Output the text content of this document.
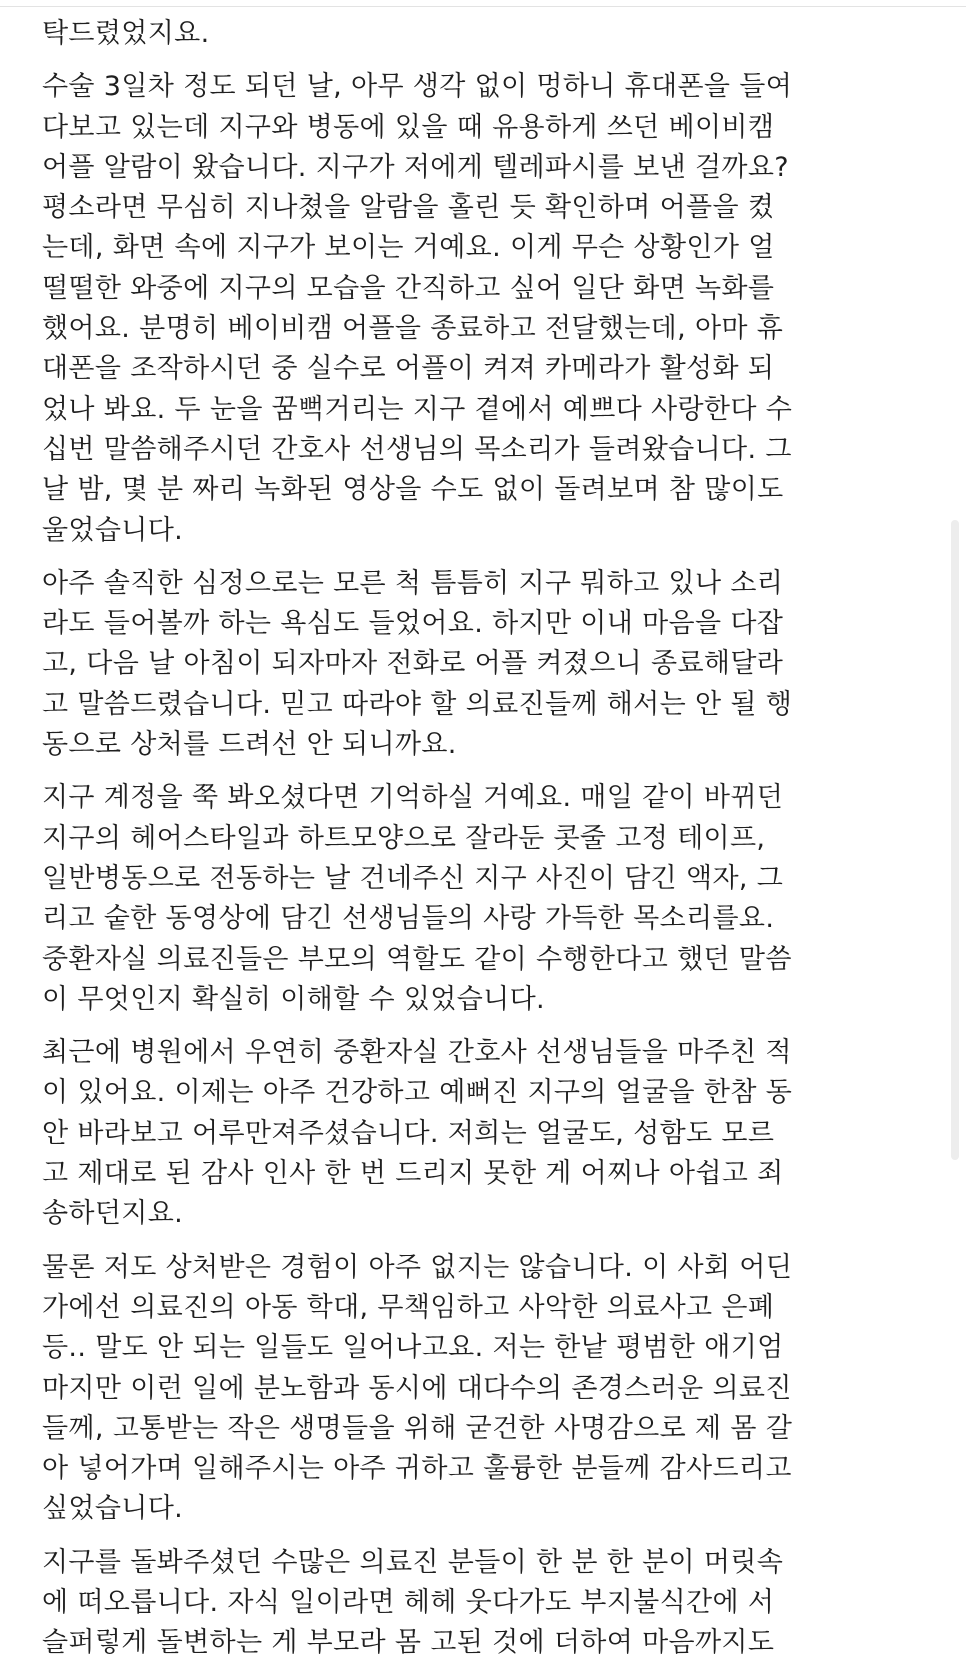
탁드렸었지요.
수술 3일차 정도 되던 날, 아무 생각 없이 멍하니 휴대폰을 들여
다보고 있는데 지구와 병동에 있을 때 유용하게 쓰던 베이비캠
어플 알람이 왔습니다. 지구가 저에게 텔레파시를 보낸 걸까요?
평소라면 무심히 지나쳤을 알람을 홀린 듯 확인하며 어플을 켰
는데, 화면 속에 지구가 보이는 거예요. 이게 무슨 상황인가 얼
떨떨한 와중에 지구의 모습을 간직하고 싶어 일단 화면 녹화를
했어요. 분명히 베이비캠 어플을 종료하고 전달했는데, 아마 휴
대폰을 조작하시던 중 실수로 어플이 켜져 카메라가 활성화 되
었나 봐요. 두 눈을 꿈뻑거리는 지구 곁에서 예쁘다 사랑한다 수
십번 말씀해주시던 간호사 선생님의 목소리가 들려왔습니다. 그
날 밤, 몇 분 짜리 녹화된 영상을 수도 없이 돌려보며 참 많이도
울었습니다.
아주 솔직한 심정으로는 모른 척 틈틈히 지구 뭐하고 있나 소리
라도 들어볼까 하는 욕심도 들었어요. 하지만 이내 마음을 다잡
고, 다음 날 아침이 되자마자 전화로 어플 켜졌으니 종료해달라
고 말씀드렸습니다. 믿고 따라야 할 의료진들께 해서는 안 될 행
동으로 상처를 드려선 안 되니까요.
지구 계정을 쭉 봐오셨다면 기억하실 거예요. 매일 같이 바뀌던
지구의 헤어스타일과 하트모양으로 잘라둔 콧줄 고정 테이프,
일반병동으로 전동하는 날 건네주신 지구 사진이 담긴 액자, 그
리고 숱한 동영상에 담긴 선생님들의 사랑 가득한 목소리를요.
중환자실 의료진들은 부모의 역할도 같이 수행한다고 했던 말씀
이 무엇인지 확실히 이해할 수 있었습니다.
최근에 병원에서 우연히 중환자실 간호사 선생님들을 마주친 적
이 있어요. 이제는 아주 건강하고 예뻐진 지구의 얼굴을 한참 동
안 바라보고 어루만져주셨습니다. 저희는 얼굴도, 성함도 모르
고 제대로 된 감사 인사 한 번 드리지 못한 게 어찌나 아쉽고 죄
송하던지요.
물론 저도 상처받은 경험이 아주 없지는 않습니다. 이 사회 어딘
가에선 의료진의 아동 학대, 무책임하고 사악한 의료사고 은폐
등.. 말도 안 되는 일들도 일어나고요. 저는 한낱 평범한 애기엄
마지만 이런 일에 분노함과 동시에 대다수의 존경스러운 의료진
들께, 고통받는 작은 생명들을 위해 굳건한 사명감으로 제 몸 갈
아 넣어가며 일해주시는 아주 귀하고 훌륭한 분들께 감사드리고
싶었습니다.
지구를 돌봐주셨던 수많은 의료진 분들이 한 분 한 분이 머릿속
에 떠오릅니다. 자식 일이라면 헤헤 웃다가도 부지불식간에 서
슬퍼렇게 돌변하는 게 부모라 몸 고된 것에 더하여 마음까지도
